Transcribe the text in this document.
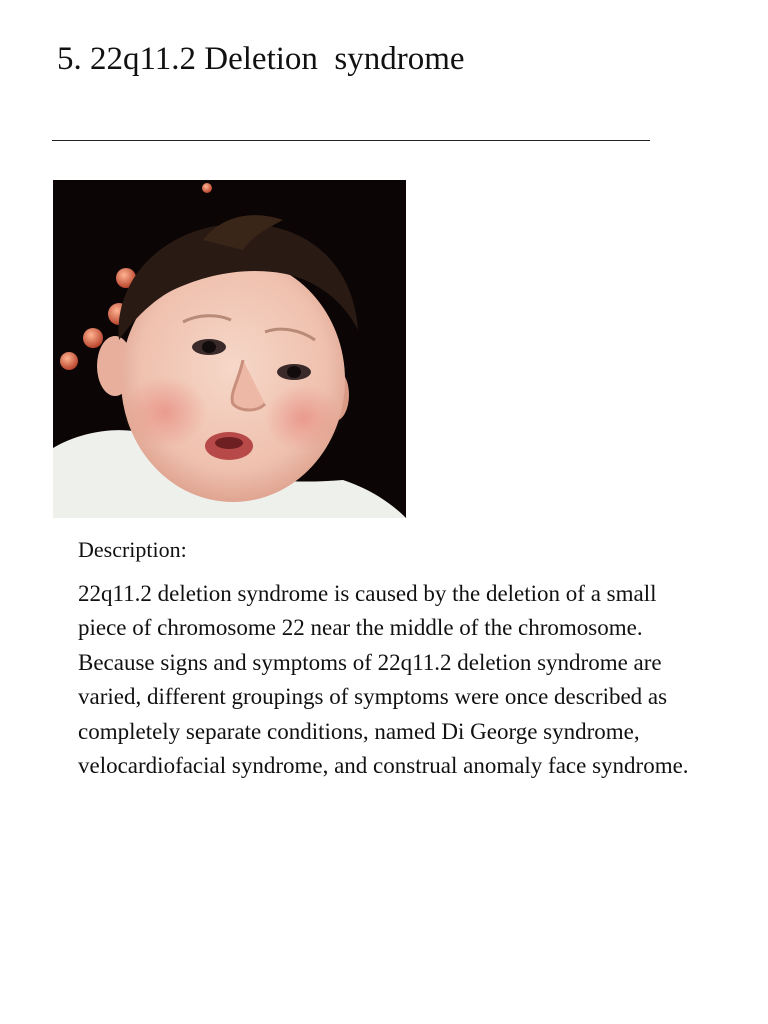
5. 22q11.2 Deletion  syndrome

Description:

22q11.2 deletion syndrome is caused by the deletion of a small piece of chromosome 22 near the middle of the chromosome. Because signs and symptoms of 22q11.2 deletion syndrome are varied, different groupings of symptoms were once described as completely separate conditions, named Di George syndrome, velocardiofacial syndrome, and construal anomaly face syndrome.
